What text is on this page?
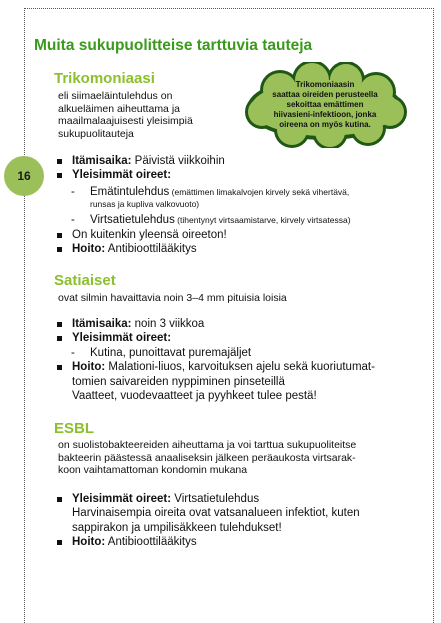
16
Muita sukupuolitteise tarttuvia tauteja
Trikomoniaasin
saattaa oireiden perusteella
sekoittaa emättimen
hiivasieni-infektioon, jonka
oireena on myös kutina.
Trikomoniaasi
eli siimaeläintulehdus on
alkueläimen aiheuttama ja
maailmalaajuisesti yleisimpiä
sukupuolitauteja
Itämisaika: Päivistä viikkoihin
Yleisimmät oireet:
- Emätintulehdus (emättimen limakalvojen kirvely sekä vihertävä,
runsas ja kupliva valkovuoto)
- Virtsatietulehdus (tihentynyt virtsaamistarve, kirvely virtsatessa)
On kuitenkin yleensä oireeton!
Hoito: Antibioottilääkitys
Satiaiset
ovat silmin havaittavia noin 3–4 mm pituisia loisia
Itämisaika: noin 3 viikkoa
Yleisimmät oireet:
- Kutina, punoittavat puremajäljet
Hoito: Malationi-liuos, karvoituksen ajelu sekä kuoriutumat-
tomien saivareiden nyppiminen pinseteillä
Vaatteet, vuodevaatteet ja pyyhkeet tulee pestä!
ESBL
on suolistobakteereiden aiheuttama ja voi tarttua sukupuoliteitse
bakteerin päästessä anaaliseksin jälkeen peräaukosta virtsarak-
koon vaihtamattoman kondomin mukana
Yleisimmät oireet: Virtsatietulehdus
Harvinaisempia oireita ovat vatsanalueen infektiot, kuten
sappirakon ja umpilisäkkeen tulehdukset!
Hoito: Antibioottilääkitys
